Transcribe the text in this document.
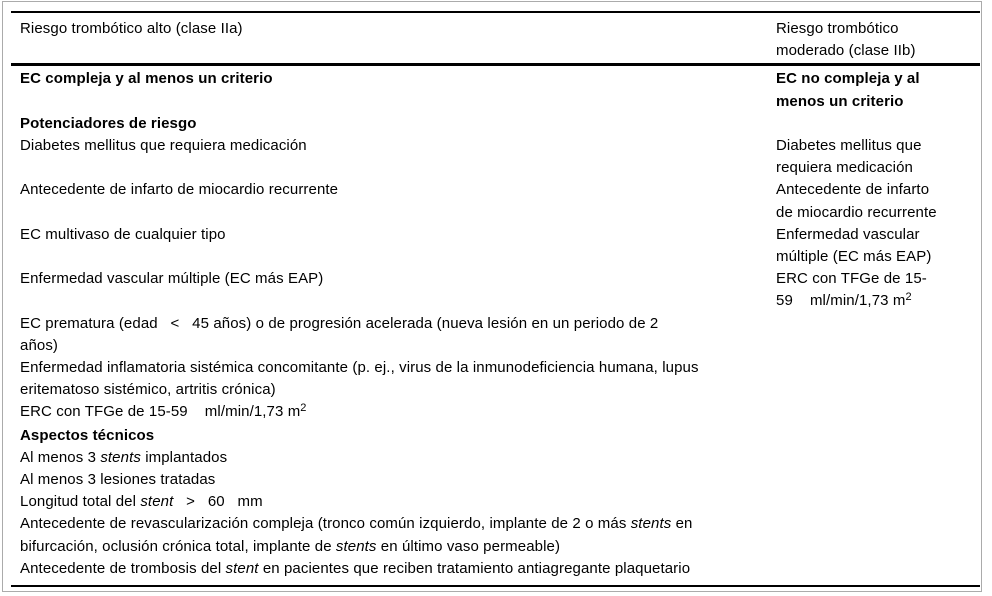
Riesgo trombótico alto (clase IIa)	Riesgo trombótico
moderado (clase IIb)
EC compleja y al menos un criterio
Potenciadores de riesgo
Diabetes mellitus que requiera medicación
Antecedente de infarto de miocardio recurrente
EC multivaso de cualquier tipo
Enfermedad vascular múltiple (EC más EAP)
EC prematura (edad   <   45 años) o de progresión acelerada (nueva lesión en un periodo de 2
años)
Enfermedad inflamatoria sistémica concomitante (p. ej., virus de la inmunodeficiencia humana, lupus
eritematoso sistémico, artritis crónica)
ERC con TFGe de 15-59    ml/min/1,73 $m^2$
Aspectos técnicos
Al menos 3 stents implantados
Al menos 3 lesiones tratadas
Longitud total del stent   >   60   mm
Antecedente de revascularización compleja (tronco común izquierdo, implante de 2 o más stents en
bifurcación, oclusión crónica total, implante de stents en último vaso permeable)
Antecedente de trombosis del stent en pacientes que reciben tratamiento antiagregante plaquetario
EC no compleja y al
menos un criterio
Diabetes mellitus que
requiera medicación
Antecedente de infarto
de miocardio recurrente
Enfermedad vascular
múltiple (EC más EAP)
ERC con TFGe de 15-
59    ml/min/1,73 $m^2$
